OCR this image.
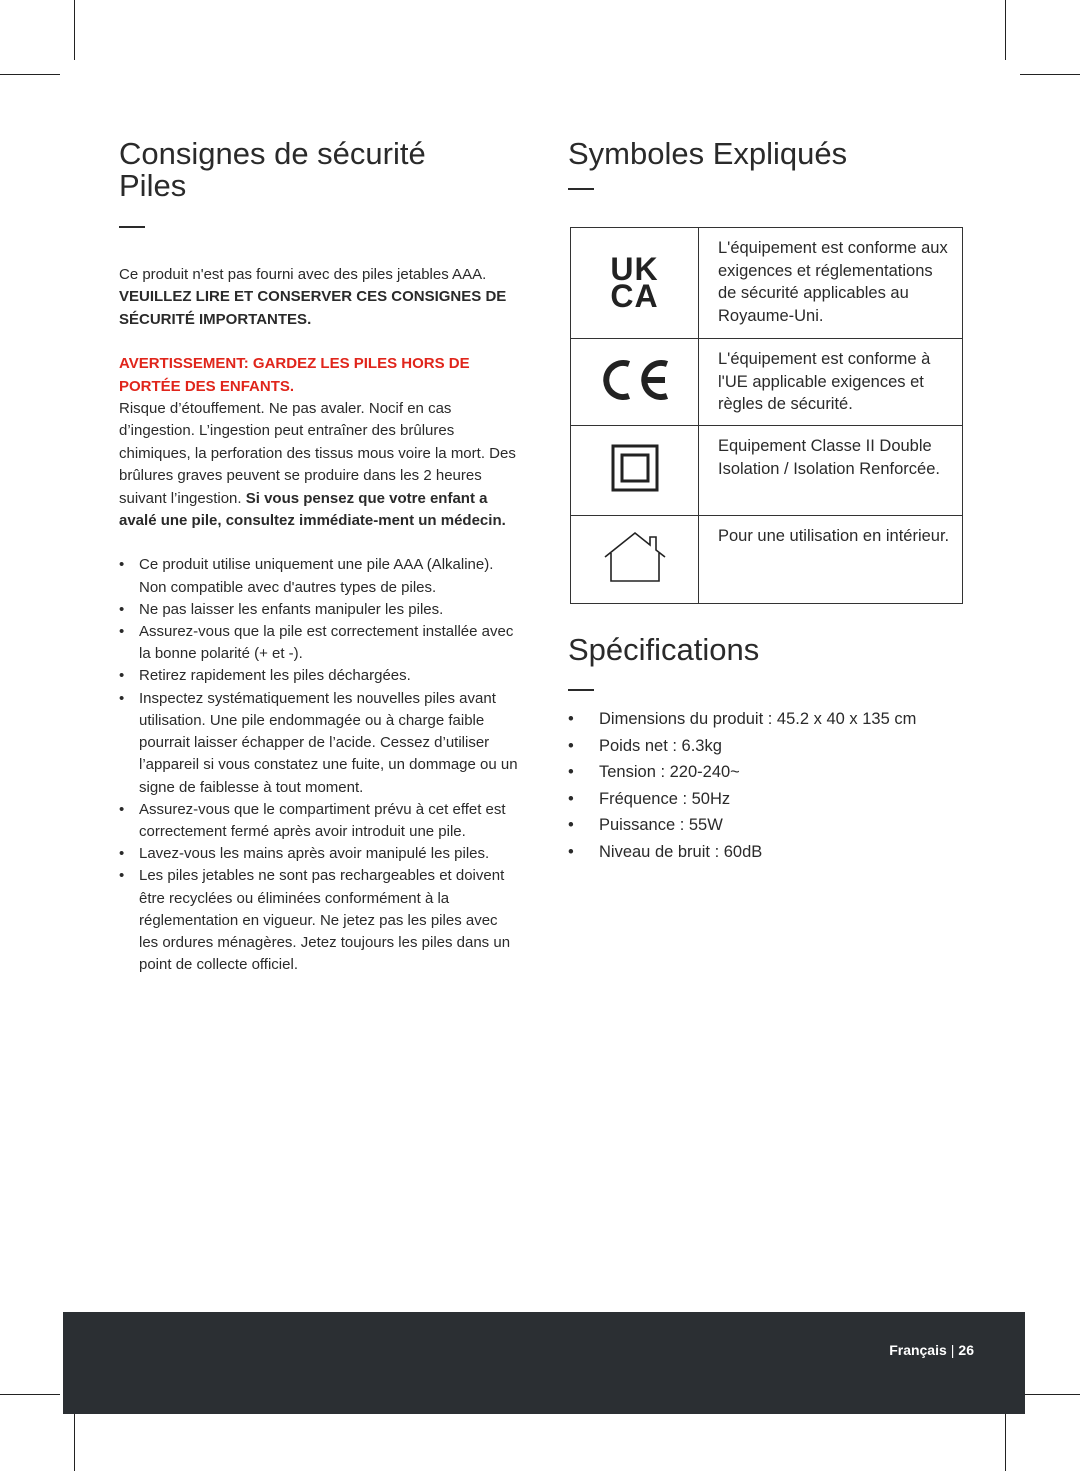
Consignes de sécurité
Piles

Ce produit n'est pas fourni avec des piles jetables AAA.

VEUILLEZ LIRE ET CONSERVER CES CONSIGNES DE SÉCURITÉ IMPORTANTES.

AVERTISSEMENT: GARDEZ LES PILES HORS DE PORTÉE DES ENFANTS.

Risque d’étouffement. Ne pas avaler. Nocif en cas d’ingestion. L’ingestion peut entraîner des brûlures chimiques, la perforation des tissus mous voire la mort. Des brûlures graves peuvent se produire dans les 2 heures suivant l’ingestion. Si vous pensez que votre enfant a avalé une pile, consultez immédiate-ment un médecin.

• Ce produit utilise uniquement une pile AAA (Alkaline). Non compatible avec d'autres types de piles.
• Ne pas laisser les enfants manipuler les piles.
• Assurez-vous que la pile est correctement installée avec la bonne polarité (+ et -).
• Retirez rapidement les piles déchargées.
• Inspectez systématiquement les nouvelles piles avant utilisation. Une pile endommagée ou à charge faible pourrait laisser échapper de l’acide. Cessez d’utiliser l’appareil si vous constatez une fuite, un dommage ou un signe de faiblesse à tout moment.
• Assurez-vous que le compartiment prévu à cet effet est correctement fermé après avoir introduit une pile.
• Lavez-vous les mains après avoir manipulé les piles.
• Les piles jetables ne sont pas rechargeables et doivent être recyclées ou éliminées conformément à la réglementation en vigueur. Ne jetez pas les piles avec les ordures ménagères. Jetez toujours les piles dans un point de collecte officiel.
Symboles Expliqués
UK
CA	L'équipement est conforme aux exigences et réglementations de sécurité applicables au Royaume-Uni.
	L'équipement est conforme à l'UE applicable exigences et règles de sécurité.
	Equipement Classe II Double Isolation / Isolation Renforcée.
	Pour une utilisation en intérieur.
Spécifications
• Dimensions du produit : 45.2 x 40 x 135 cm
• Poids net : 6.3kg
• Tension : 220-240~
• Fréquence : 50Hz
• Puissance : 55W
• Niveau de bruit : 60dB
Français | 26
